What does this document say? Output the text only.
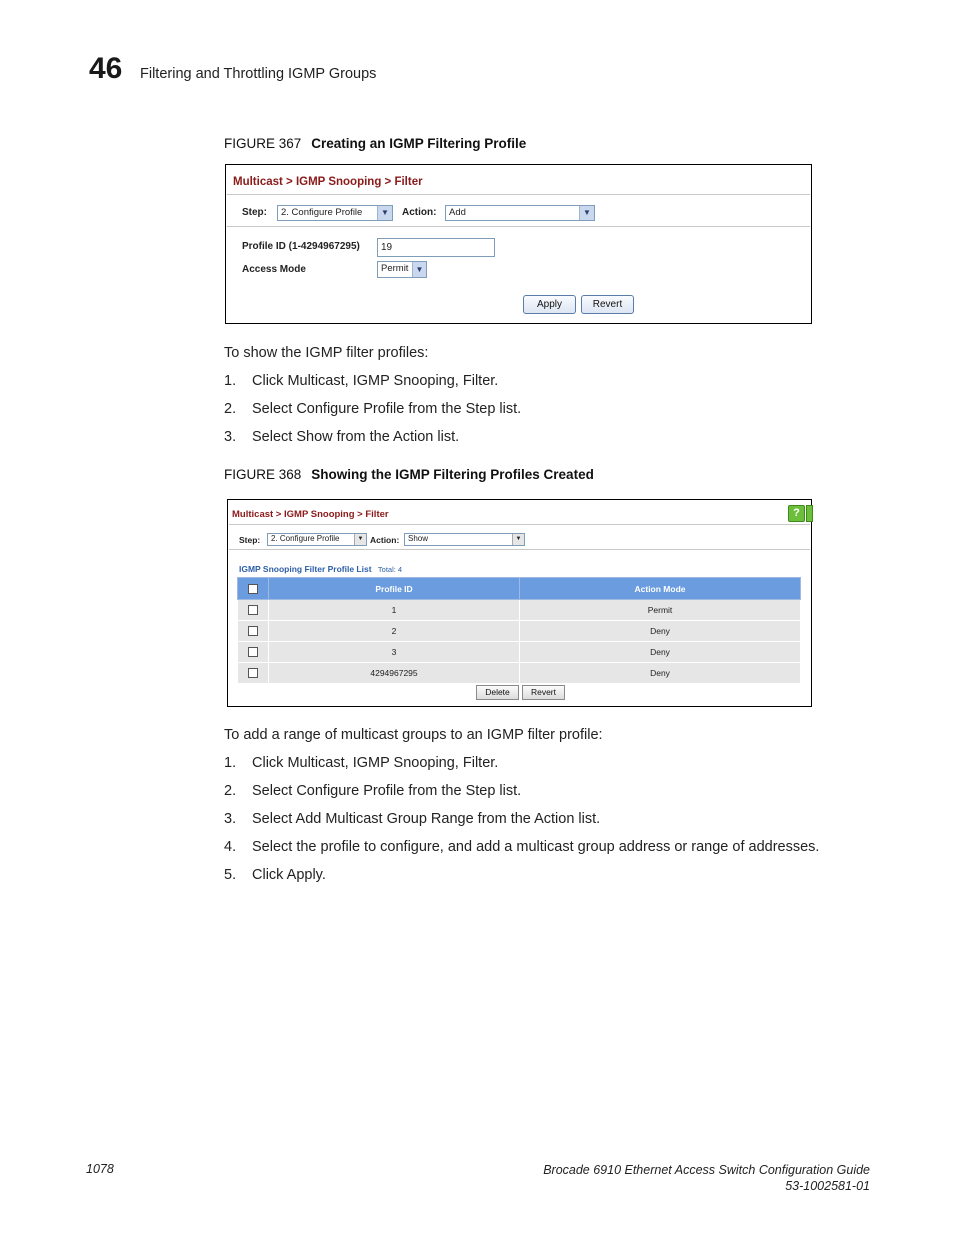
46 Filtering and Throttling IGMP Groups
FIGURE 367 Creating an IGMP Filtering Profile
Multicast > IGMP Snooping > Filter
Step: 2. Configure Profile	▼	Action: Add	▼
Profile ID (1-4294967295)	19
Access Mode	Permit ▼
Apply	Revert
To show the IGMP filter profiles:
1. Click Multicast, IGMP Snooping, Filter.
2. Select Configure Profile from the Step list.
3. Select Show from the Action list.
FIGURE 368 Showing the IGMP Filtering Profiles Created
Multicast > IGMP Snooping > Filter	?
Step: 2. Configure Profile	▼ Action: Show	▼
IGMP Snooping Filter Profile List Total: 4
	Profile ID	Action Mode
	1	Permit
	2	Deny
	3	Deny
	4294967295	Deny
Delete	Revert
To add a range of multicast groups to an IGMP filter profile:
1. Click Multicast, IGMP Snooping, Filter.
2. Select Configure Profile from the Step list.
3. Select Add Multicast Group Range from the Action list.
4. Select the profile to configure, and add a multicast group address or range of addresses.
5. Click Apply.
1078	Brocade 6910 Ethernet Access Switch Configuration Guide
53-1002581-01
